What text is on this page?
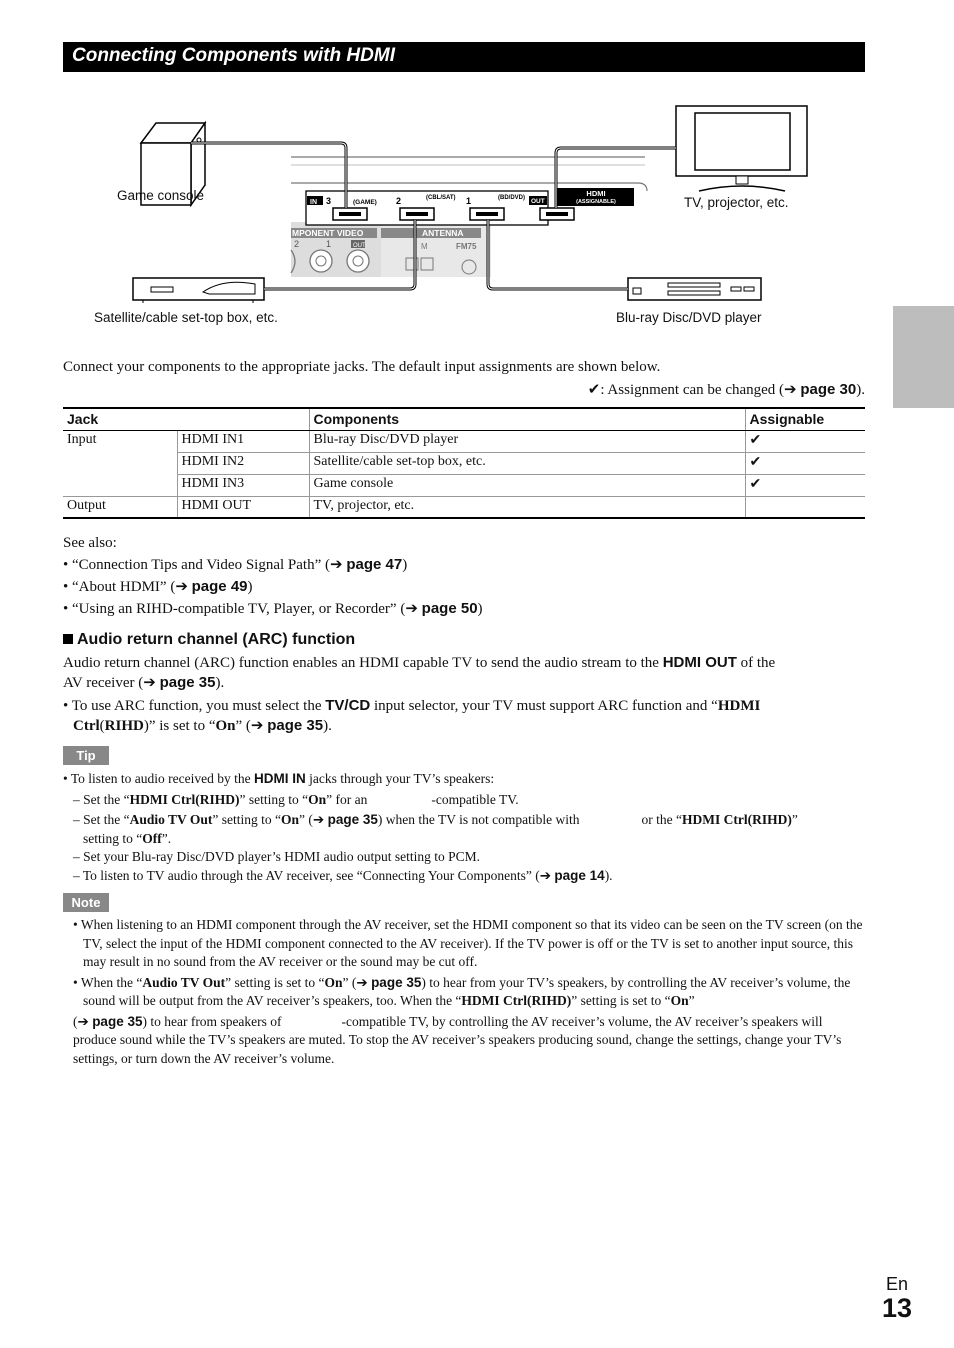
Connecting Components with HDMI
MPONENT VIDEO	ANTENNA
2	1	OUT	M	FM75
IN 3	(GAME) 2	(CBL/SAT) 1	(BD/DVD) OUT
HDMI
(ASSIGNABLE)
Game console	TV, projector, etc.
Satellite/cable set-top box, etc.	Blu-ray Disc/DVD player
Connect your components to the appropriate jacks. The default input assignments are shown below.
✔: Assignment can be changed (➔ page 30).
Jack		Components	Assignable
Input	HDMI IN1	Blu-ray Disc/DVD player	✔
	HDMI IN2	Satellite/cable set-top box, etc.	✔
	HDMI IN3	Game console	✔
Output	HDMI OUT	TV, projector, etc.	
See also:
• “Connection Tips and Video Signal Path” (➔ page 47)
• “About HDMI” (➔ page 49)
• “Using an RIHD-compatible TV, Player, or Recorder” (➔ page 50)
Audio return channel (ARC) function
Audio return channel (ARC) function enables an HDMI capable TV to send the audio stream to the HDMI OUT of the
AV receiver (➔ page 35).
• To use ARC function, you must select the TV/CD input selector, your TV must support ARC function and “HDMI
Ctrl(RIHD)” is set to “On” (➔ page 35).
Tip
• To listen to audio received by the HDMI IN jacks through your TV’s speakers:
– Set the “HDMI Ctrl(RIHD)” setting to “On” for an	-compatible TV.
– Set the “Audio TV Out” setting to “On” (➔ page 35) when the TV is not compatible with	or the “HDMI Ctrl(RIHD)”
setting to “Off”.
– Set your Blu-ray Disc/DVD player’s HDMI audio output setting to PCM.
– To listen to TV audio through the AV receiver, see “Connecting Your Components” (➔ page 14).
Note
• When listening to an HDMI component through the AV receiver, set the HDMI component so that its video can be seen on the TV screen (on the TV, select the input of the HDMI component connected to the AV receiver). If the TV power is off or the TV is set to another input source, this may result in no sound from the AV receiver or the sound may be cut off.
• When the “Audio TV Out” setting is set to “On” (➔ page 35) to hear from your TV’s speakers, by controlling the AV receiver’s volume, the sound will be output from the AV receiver’s speakers, too. When the “HDMI Ctrl(RIHD)” setting is set to “On”
(➔ page 35) to hear from speakers of	-compatible TV, by controlling the AV receiver’s volume, the AV receiver’s speakers will produce sound while the TV’s speakers are muted. To stop the AV receiver’s speakers producing sound, change the settings, change your TV’s settings, or turn down the AV receiver’s volume.
En
13
